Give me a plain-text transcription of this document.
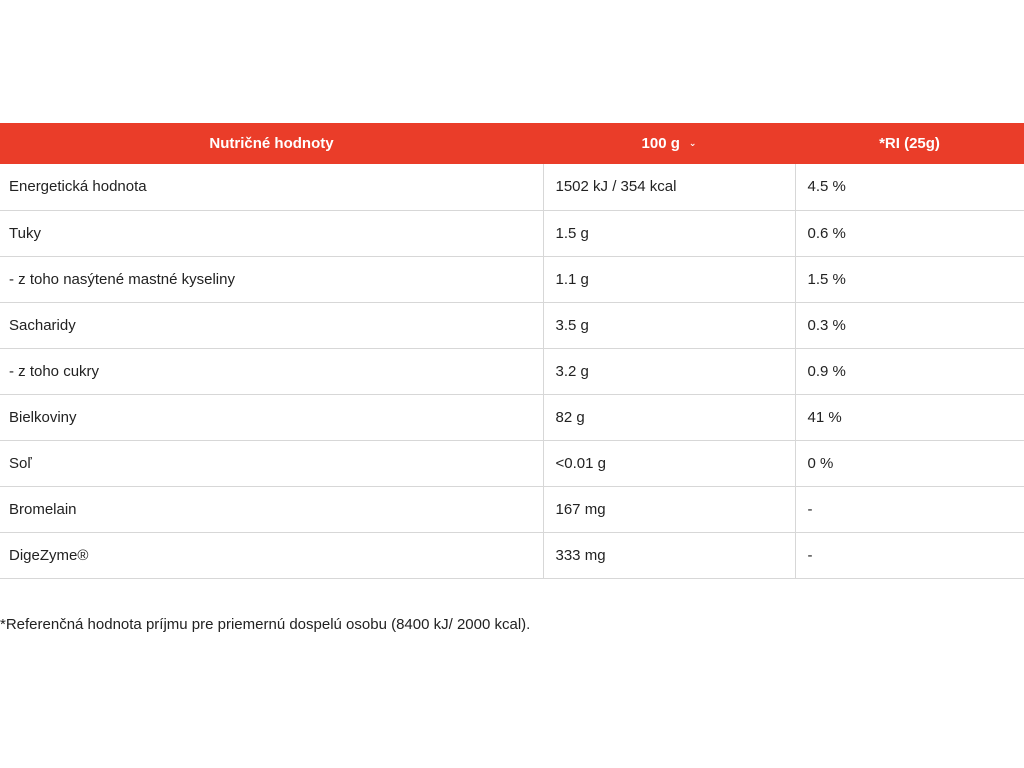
Nutričné hodnoty	100 g ⌄	*RI (25g)
Energetická hodnota	1502 kJ / 354 kcal	4.5 %
Tuky	1.5 g	0.6 %
- z toho nasýtené mastné kyseliny	1.1 g	1.5 %
Sacharidy	3.5 g	0.3 %
- z toho cukry	3.2 g	0.9 %
Bielkoviny	82 g	41 %
Soľ	<0.01 g	0 %
Bromelain	167 mg	-
DigeZyme®	333 mg	-
*Referenčná hodnota príjmu pre priemernú dospelú osobu (8400 kJ/ 2000 kcal).
